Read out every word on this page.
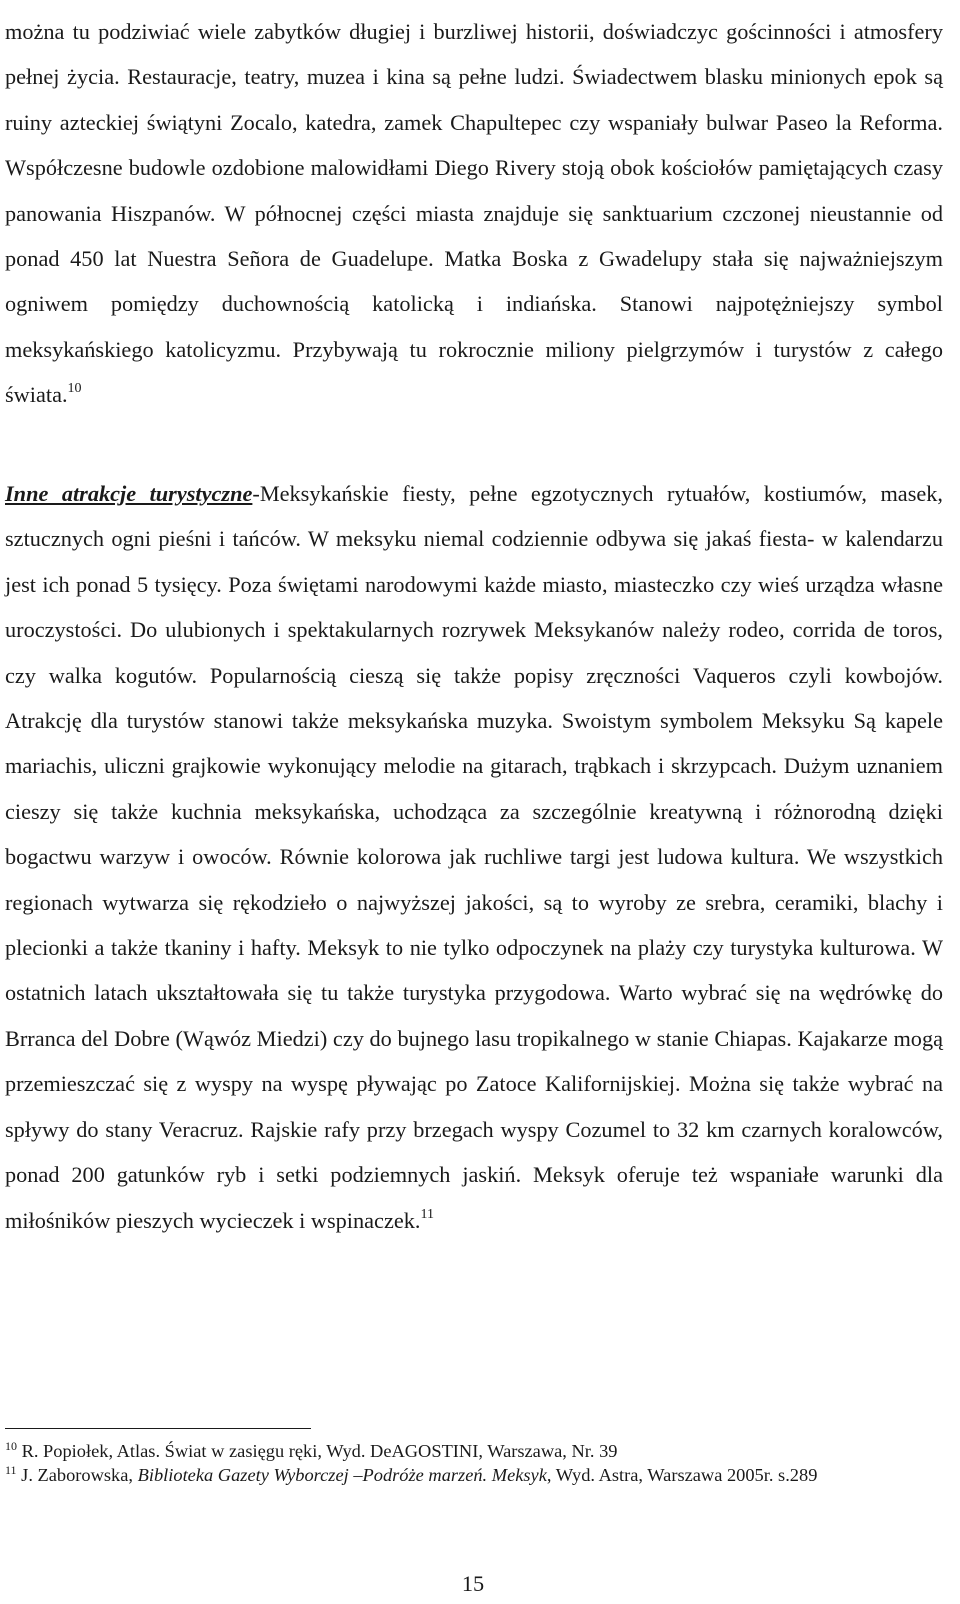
można tu podziwiać wiele zabytków długiej i burzliwej historii, doświadczyc gościnności i atmosfery pełnej życia. Restauracje, teatry, muzea i kina są pełne ludzi. Świadectwem blasku minionych epok są ruiny azteckiej świątyni Zocalo, katedra, zamek Chapultepec czy wspaniały bulwar Paseo la Reforma. Współczesne budowle ozdobione malowidłami Diego Rivery stoją obok kościołów pamiętających czasy panowania Hiszpanów. W północnej części miasta znajduje się sanktuarium czczonej nieustannie od ponad 450 lat Nuestra Señora de Guadelupe. Matka Boska z Gwadelupy stała się najważniejszym ogniwem pomiędzy duchownością katolicką i indiańska. Stanowi najpotężniejszy symbol meksykańskiego katolicyzmu. Przybywają tu rokrocznie miliony pielgrzymów i turystów z całego świata.$^{10}$

Inne atrakcje turystyczne-Meksykańskie fiesty, pełne egzotycznych rytuałów, kostiumów, masek, sztucznych ogni pieśni i tańców. W meksyku niemal codziennie odbywa się jakaś fiesta- w kalendarzu jest ich ponad 5 tysięcy. Poza świętami narodowymi każde miasto, miasteczko czy wieś urządza własne uroczystości. Do ulubionych i spektakularnych rozrywek Meksykanów należy rodeo, corrida de toros, czy walka kogutów. Popularnością cieszą się także popisy zręczności Vaqueros czyli kowbojów. Atrakcję dla turystów stanowi także meksykańska muzyka. Swoistym symbolem Meksyku Są kapele mariachis, uliczni grajkowie wykonujący melodie na gitarach, trąbkach i skrzypcach. Dużym uznaniem cieszy się także kuchnia meksykańska, uchodząca za szczególnie kreatywną i różnorodną dzięki bogactwu warzyw i owoców. Równie kolorowa jak ruchliwe targi jest ludowa kultura. We wszystkich regionach wytwarza się rękodzieło o najwyższej jakości, są to wyroby ze srebra, ceramiki, blachy i plecionki a także tkaniny i hafty. Meksyk to nie tylko odpoczynek na plaży czy turystyka kulturowa. W ostatnich latach ukształtowała się tu także turystyka przygodowa. Warto wybrać się na wędrówkę do Brranca del Dobre (Wąwóz Miedzi) czy do bujnego lasu tropikalnego w stanie Chiapas. Kajakarze mogą przemieszczać się z wyspy na wyspę pływając po Zatoce Kalifornijskiej. Można się także wybrać na spływy do stany Veracruz. Rajskie rafy przy brzegach wyspy Cozumel to 32 km czarnych koralowców, ponad 200 gatunków ryb i setki podziemnych jaskiń. Meksyk oferuje też wspaniałe warunki dla miłośników pieszych wycieczek i wspinaczek.$^{11}$

$^{10}$ R. Popiołek, Atlas. Świat w zasięgu ręki, Wyd. DeAGOSTINI, Warszawa, Nr. 39

$^{11}$ J. Zaborowska, Biblioteka Gazety Wyborczej –Podróże marzeń. Meksyk, Wyd. Astra, Warszawa 2005r. s.289

15
